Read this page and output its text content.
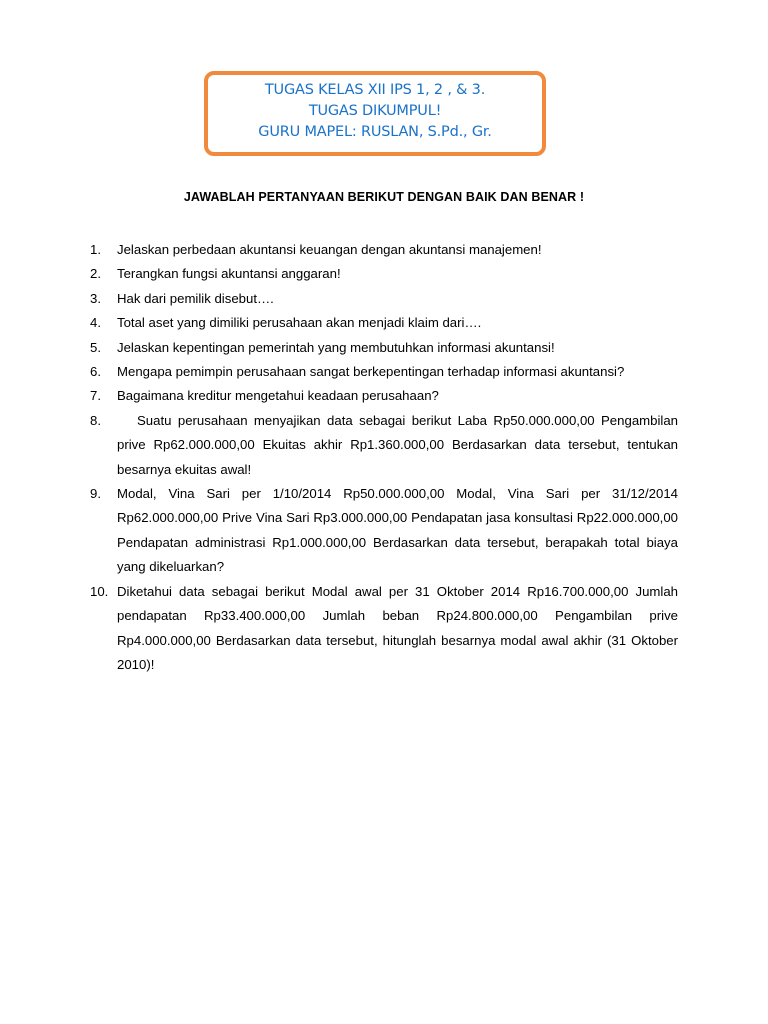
TUGAS KELAS XII IPS 1, 2 , & 3.
TUGAS DIKUMPUL!
GURU MAPEL: RUSLAN, S.Pd., Gr.
JAWABLAH PERTANYAAN BERIKUT DENGAN BAIK DAN BENAR !
1. Jelaskan perbedaan akuntansi keuangan dengan akuntansi manajemen!
2. Terangkan fungsi akuntansi anggaran!
3. Hak dari pemilik disebut….
4. Total aset yang dimiliki perusahaan akan menjadi klaim dari….
5. Jelaskan kepentingan pemerintah yang membutuhkan informasi akuntansi!
6. Mengapa pemimpin perusahaan sangat berkepentingan terhadap informasi akuntansi?
7. Bagaimana kreditur mengetahui keadaan perusahaan?
8.	Suatu perusahaan menyajikan data sebagai berikut Laba Rp50.000.000,00 Pengambilan prive Rp62.000.000,00 Ekuitas akhir Rp1.360.000,00 Berdasarkan data tersebut, tentukan besarnya ekuitas awal!
9. Modal, Vina Sari per 1/10/2014 Rp50.000.000,00 Modal, Vina Sari per 31/12/2014 Rp62.000.000,00 Prive Vina Sari Rp3.000.000,00 Pendapatan jasa konsultasi Rp22.000.000,00 Pendapatan administrasi Rp1.000.000,00 Berdasarkan data tersebut, berapakah total biaya yang dikeluarkan?
10. Diketahui data sebagai berikut Modal awal per 31 Oktober 2014 Rp16.700.000,00 Jumlah pendapatan Rp33.400.000,00 Jumlah beban Rp24.800.000,00 Pengambilan prive Rp4.000.000,00 Berdasarkan data tersebut, hitunglah besarnya modal awal akhir (31 Oktober 2010)!
